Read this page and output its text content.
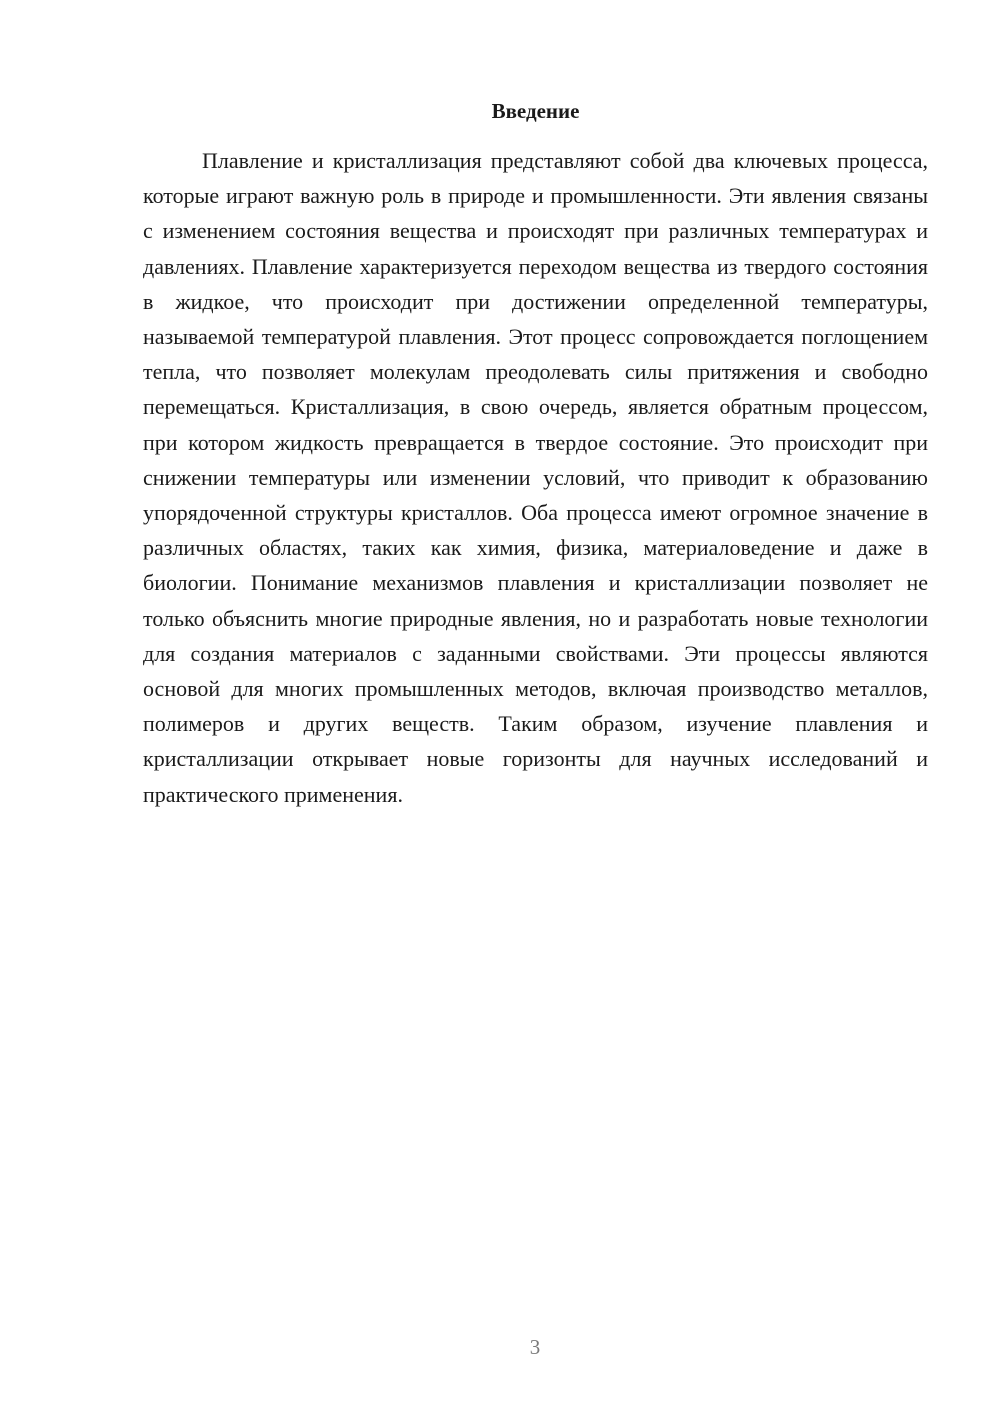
Введение

Плавление и кристаллизация представляют собой два ключевых процесса, которые играют важную роль в природе и промышленности. Эти явления связаны с изменением состояния вещества и происходят при различных температурах и давлениях. Плавление характеризуется переходом вещества из твердого состояния в жидкое, что происходит при достижении определенной температуры, называемой температурой плавления. Этот процесс сопровождается поглощением тепла, что позволяет молекулам преодолевать силы притяжения и свободно перемещаться. Кристаллизация, в свою очередь, является обратным процессом, при котором жидкость превращается в твердое состояние. Это происходит при снижении температуры или изменении условий, что приводит к образованию упорядоченной структуры кристаллов. Оба процесса имеют огромное значение в различных областях, таких как химия, физика, материаловедение и даже в биологии. Понимание механизмов плавления и кристаллизации позволяет не только объяснить многие природные явления, но и разработать новые технологии для создания материалов с заданными свойствами. Эти процессы являются основой для многих промышленных методов, включая производство металлов, полимеров и других веществ. Таким образом, изучение плавления и кристаллизации открывает новые горизонты для научных исследований и практического применения.

3
